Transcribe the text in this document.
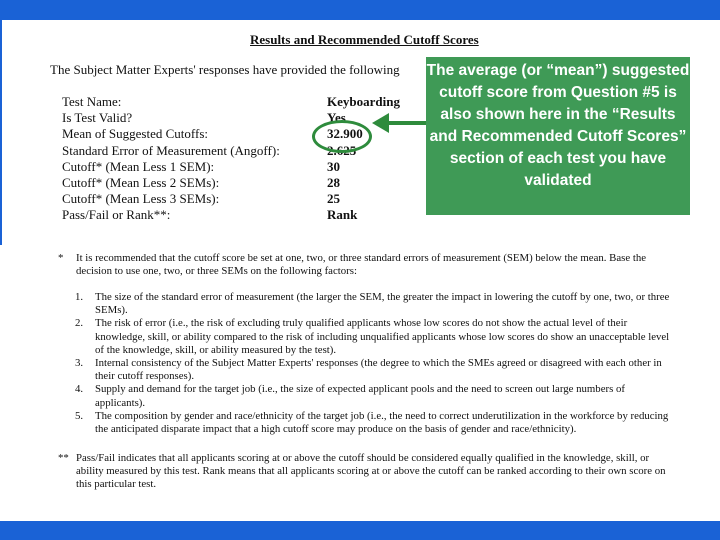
Results and Recommended Cutoff Scores
The Subject Matter Experts' responses have provided the following
Test Name:	Keyboarding
Is Test Valid?	Yes
Mean of Suggested Cutoffs:	32.900
Standard Error of Measurement (Angoff):	2.625
Cutoff* (Mean Less 1 SEM):	30
Cutoff* (Mean Less 2 SEMs):	28
Cutoff* (Mean Less 3 SEMs):	25
Pass/Fail or Rank**:	Rank
The average (or “mean”) suggested cutoff score from Question #5 is also shown here in the “Results and Recommended Cutoff Scores” section of each test you have validated
* It is recommended that the cutoff score be set at one, two, or three standard errors of measurement (SEM) below the mean. Base the decision to use one, two, or three SEMs on the following factors:
1. The size of the standard error of measurement (the larger the SEM, the greater the impact in lowering the cutoff by one, two, or three SEMs).
2. The risk of error (i.e., the risk of excluding truly qualified applicants whose low scores do not show the actual level of their knowledge, skill, or ability compared to the risk of including unqualified applicants whose low scores do show an unacceptable level of the knowledge, skill, or ability measured by the test).
3. Internal consistency of the Subject Matter Experts' responses (the degree to which the SMEs agreed or disagreed with each other in their cutoff responses).
4. Supply and demand for the target job (i.e., the size of expected applicant pools and the need to screen out large numbers of applicants).
5. The composition by gender and race/ethnicity of the target job (i.e., the need to correct underutilization in the workforce by reducing the anticipated disparate impact that a high cutoff score may produce on the basis of gender and race/ethnicity).
** Pass/Fail indicates that all applicants scoring at or above the cutoff should be considered equally qualified in the knowledge, skill, or ability measured by this test. Rank means that all applicants scoring at or above the cutoff can be ranked according to their own score on this particular test.
